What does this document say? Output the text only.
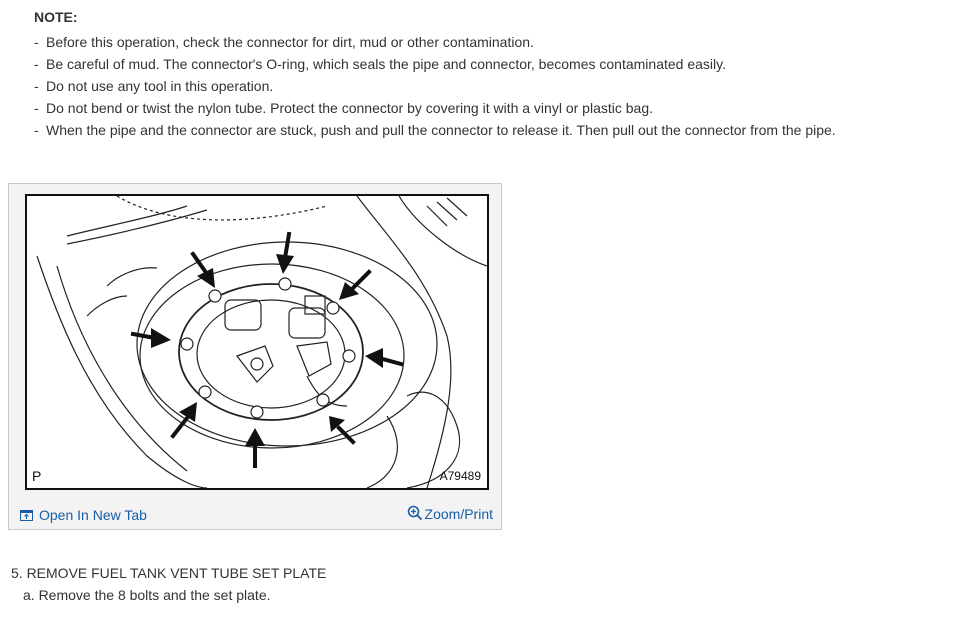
NOTE:
- Before this operation, check the connector for dirt, mud or other contamination.
- Be careful of mud. The connector's O-ring, which seals the pipe and connector, becomes contaminated easily.
- Do not use any tool in this operation.
- Do not bend or twist the nylon tube. Protect the connector by covering it with a vinyl or plastic bag.
- When the pipe and the connector are stuck, push and pull the connector to release it. Then pull out the connector from the pipe.
P	A79489
Open In New Tab	Zoom/Print
5. REMOVE FUEL TANK VENT TUBE SET PLATE
a. Remove the 8 bolts and the set plate.
